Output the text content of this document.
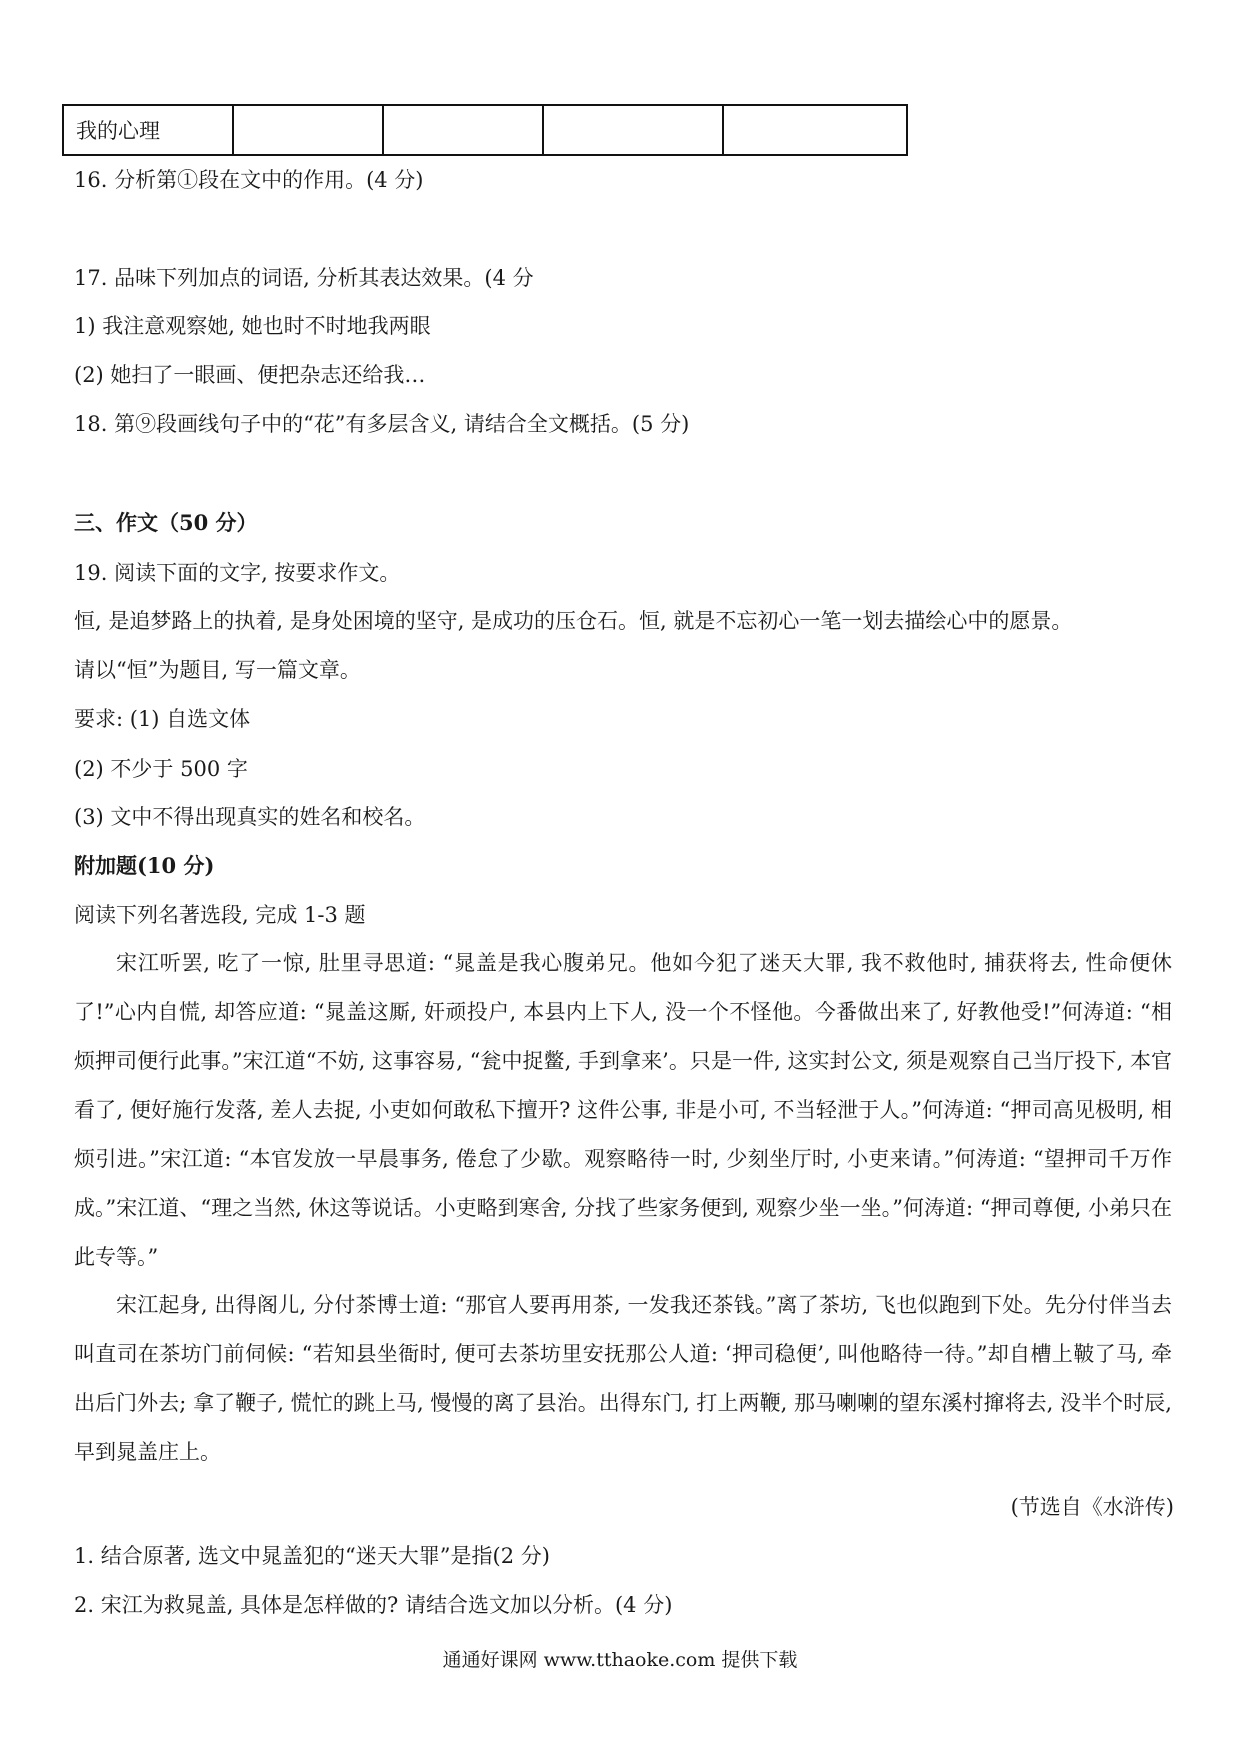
我的心理				
16. 分析第①段在文中的作用。(4 分)
17. 品味下列加点的词语, 分析其表达效果。(4 分
1) 我注意观察她, 她也时不时地我两眼
(2) 她扫了一眼画、便把杂志还给我…
18. 第⑨段画线句子中的“花”有多层含义, 请结合全文概括。(5 分)
三、作文（50 分）
19. 阅读下面的文字, 按要求作文。
恒, 是追梦路上的执着, 是身处困境的坚守, 是成功的压仓石。恒, 就是不忘初心一笔一划去描绘心中的愿景。
请以“恒”为题目, 写一篇文章。
要求: (1) 自选文体
(2) 不少于 500 字
(3) 文中不得出现真实的姓名和校名。
附加题(10 分)
阅读下列名著选段, 完成 1-3 题
宋江听罢, 吃了一惊, 肚里寻思道: “晁盖是我心腹弟兄。他如今犯了迷天大罪, 我不救他时, 捕获将去, 性命便休了!”心内自慌, 却答应道: “晁盖这厮, 奸顽投户, 本县内上下人, 没一个不怪他。今番做出来了, 好教他受!”何涛道: “相烦押司便行此事。”宋江道“不妨, 这事容易, “瓮中捉鳖, 手到拿来’。只是一件, 这实封公文, 须是观察自己当厅投下, 本官看了, 便好施行发落, 差人去捉, 小吏如何敢私下擅开? 这件公事, 非是小可, 不当轻泄于人。”何涛道: “押司高见极明, 相烦引进。”宋江道: “本官发放一早晨事务, 倦怠了少歇。观察略待一时, 少刻坐厅时, 小吏来请。”何涛道: “望押司千万作成。”宋江道、“理之当然, 休这等说话。小吏略到寒舍, 分找了些家务便到, 观察少坐一坐。”何涛道: “押司尊便, 小弟只在此专等。”
宋江起身, 出得阁儿, 分付茶博士道: “那官人要再用茶, 一发我还茶钱。”离了茶坊, 飞也似跑到下处。先分付伴当去叫直司在茶坊门前伺候: “若知县坐衙时, 便可去茶坊里安抚那公人道: ‘押司稳便’, 叫他略待一待。”却自槽上鞁了马, 牵出后门外去; 拿了鞭子, 慌忙的跳上马, 慢慢的离了县治。出得东门, 打上两鞭, 那马喇喇的望东溪村撺将去, 没半个时辰, 早到晁盖庄上。
(节选自《水浒传)
1. 结合原著, 选文中晁盖犯的“迷天大罪”是指(2 分)
2. 宋江为救晁盖, 具体是怎样做的? 请结合选文加以分析。(4 分)
通通好课网 www.tthaoke.com 提供下载
